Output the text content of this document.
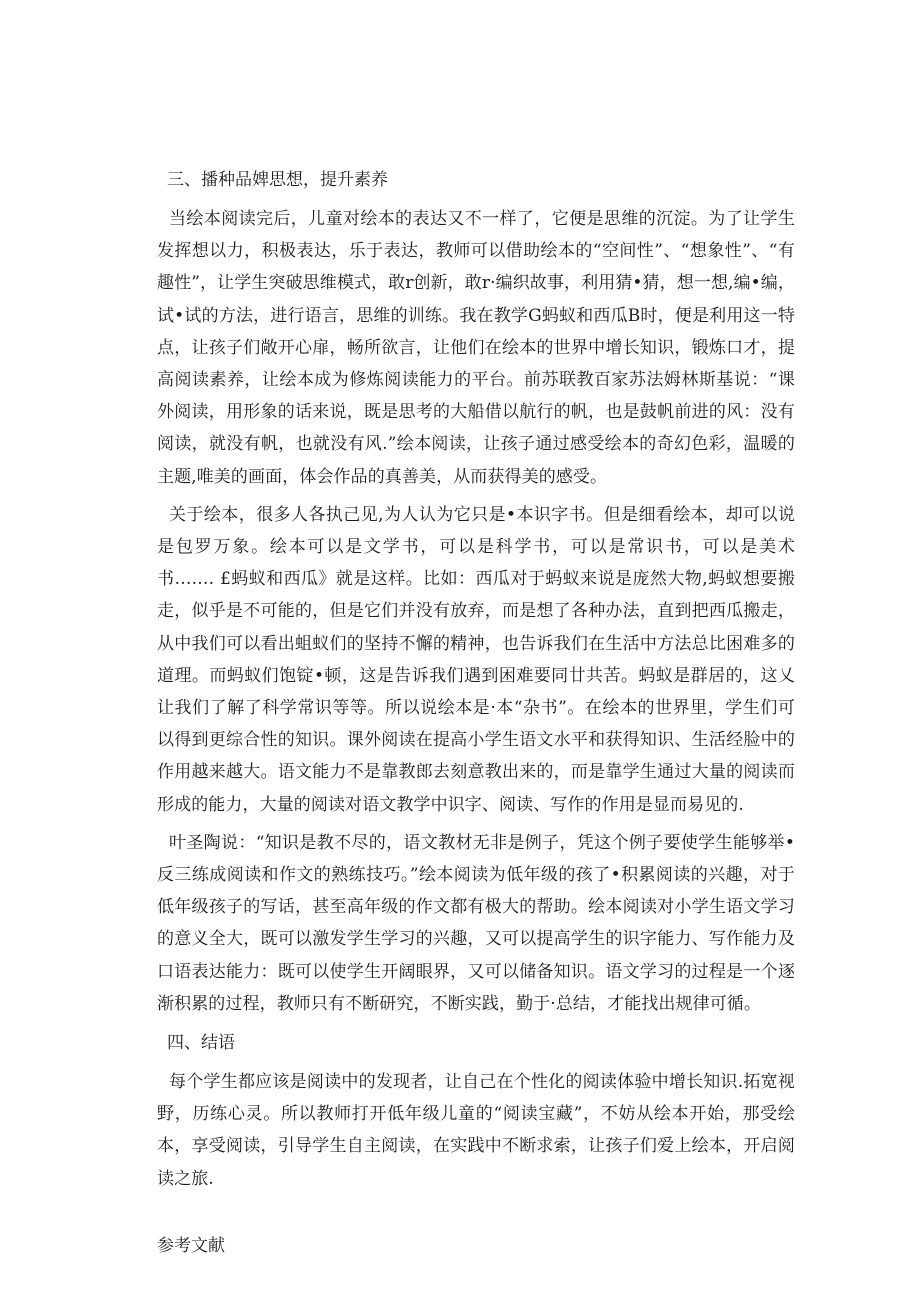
三、播种品婢思想，提升素养

当绘本阅读完后，儿童对绘本的表达又不一样了，它便是思维的沉淀。为了让学生发挥想以力，积极表达，乐于表达，教师可以借助绘本的“空间性”、“想象性”、“有趣性”，让学生突破思维模式，敢r创新，敢r·编织故事，利用猜•猜，想一想,编•编，试•试的方法，进行语言，思维的训练。我在教学G蚂蚁和西瓜B时，便是利用这一特点，让孩子们敞开心扉，畅所欲言，让他们在绘本的世界中增长知识，锻炼口才，提高阅读素养，让绘本成为修炼阅读能力的平台。前苏联教百家苏法姆林斯基说：“课外阅读，用形象的话来说，既是思考的大船借以航行的帆，也是鼓帆前进的风：没有阅读，就没有帆，也就没有风.”绘本阅读，让孩子通过感受绘本的奇幻色彩，温暖的主题,唯美的画面，体会作品的真善美，从而获得美的感受。

关于绘本，很多人各执己见,为人认为它只是•本识字书。但是细看绘本，却可以说是包罗万象。绘本可以是文学书，可以是科学书，可以是常识书，可以是美术书……. £蚂蚁和西瓜》就是这样。比如：西瓜对于蚂蚁来说是庞然大物,蚂蚁想要搬走，似乎是不可能的，但是它们并没有放弃，而是想了各种办法，直到把西瓜搬走，从中我们可以看出蛆蚁们的坚持不懈的精神，也告诉我们在生活中方法总比困难多的道理。而蚂蚁们饱锭•顿，这是告诉我们遇到困难要同廿共苦。蚂蚁是群居的，这乂让我们了解了科学常识等等。所以说绘本是·本“杂书”。在绘本的世界里，学生们可以得到更综合性的知识。课外阅读在提高小学生语文水平和获得知识、生活经脸中的作用越来越大。语文能力不是靠教郎去刻意教出来的，而是靠学生通过大量的阅读而形成的能力，大量的阅读对语文教学中识字、阅读、写作的作用是显而易见的.

叶圣陶说：“知识是教不尽的，语文教材无非是例子，凭这个例子要使学生能够举•反三练成阅读和作文的熟练技巧。”绘本阅读为低年级的孩了•积累阅读的兴趣，对于低年级孩子的写话，甚至高年级的作文都有极大的帮助。绘本阅读对小学生语文学习的意义全大，既可以激发学生学习的兴趣，又可以提高学生的识字能力、写作能力及口语表达能力：既可以使学生开阔眼界，又可以储备知识。语文学习的过程是一个逐渐积累的过程，教师只有不断研究，不断实践，勤于·总结，才能找出规律可循。

四、结语

每个学生都应该是阅读中的发现者，让自己在个性化的阅读体验中增长知识.拓宽视野，历练心灵。所以教师打开低年级儿童的“阅读宝藏”，不妨从绘本开始，那受绘本，享受阅读，引导学生自主阅读，在实践中不断求索，让孩子们爱上绘本，开启阅读之旅.

参考文献
